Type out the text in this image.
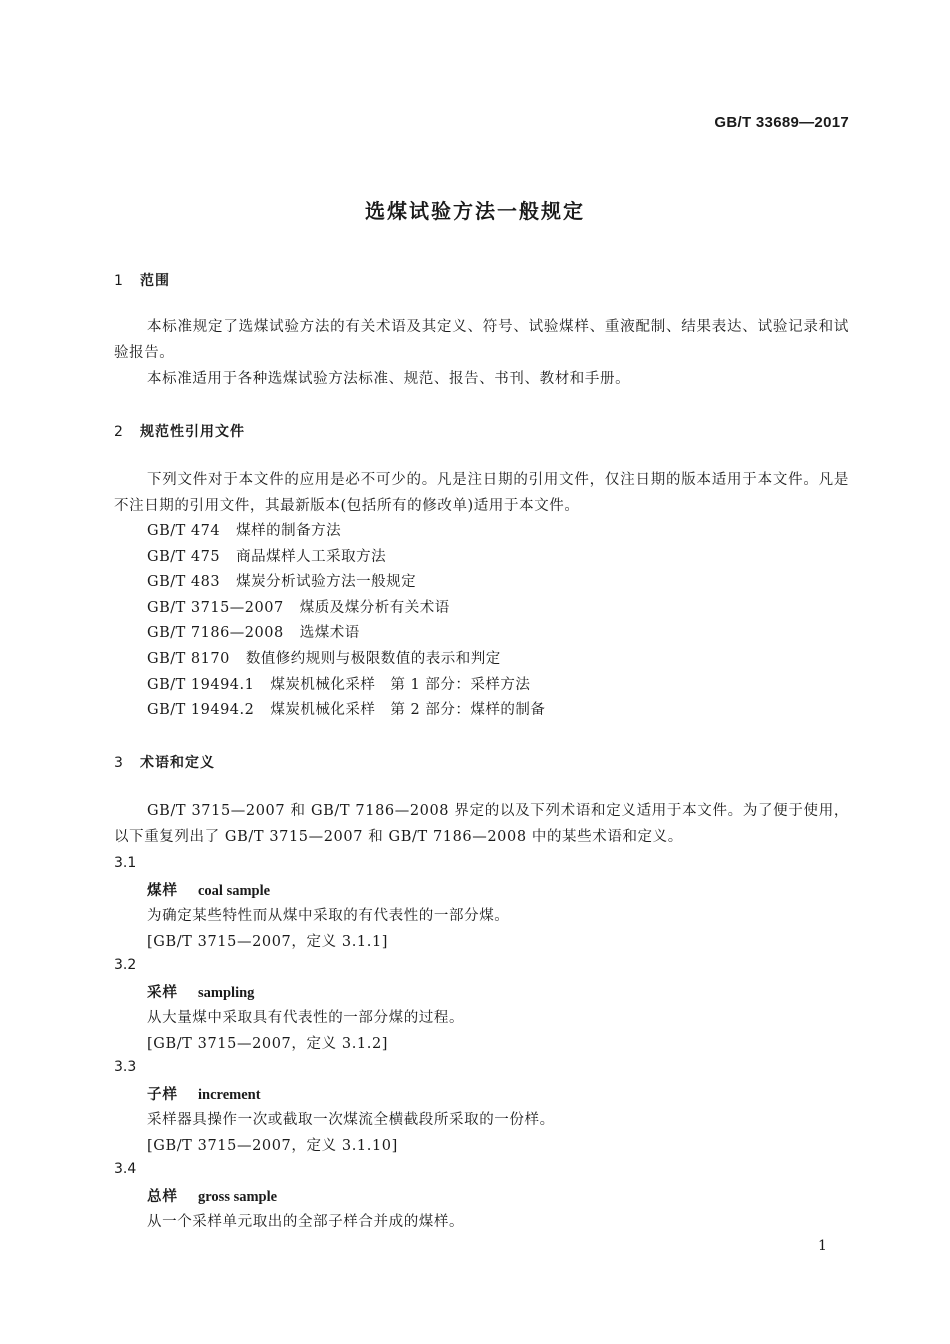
GB/T 33689—2017
选煤试验方法一般规定
1 范围
本标准规定了选煤试验方法的有关术语及其定义、符号、试验煤样、重液配制、结果表达、试验记录和试验报告。
本标准适用于各种选煤试验方法标准、规范、报告、书刊、教材和手册。
2 规范性引用文件
下列文件对于本文件的应用是必不可少的。凡是注日期的引用文件，仅注日期的版本适用于本文件。凡是不注日期的引用文件，其最新版本(包括所有的修改单)适用于本文件。
GB/T 474 煤样的制备方法
GB/T 475 商品煤样人工采取方法
GB/T 483 煤炭分析试验方法一般规定
GB/T 3715—2007 煤质及煤分析有关术语
GB/T 7186—2008 选煤术语
GB/T 8170 数值修约规则与极限数值的表示和判定
GB/T 19494.1 煤炭机械化采样　第 1 部分：采样方法
GB/T 19494.2 煤炭机械化采样　第 2 部分：煤样的制备
3 术语和定义
GB/T 3715—2007 和 GB/T 7186—2008 界定的以及下列术语和定义适用于本文件。为了便于使用，以下重复列出了 GB/T 3715—2007 和 GB/T 7186—2008 中的某些术语和定义。
3.1
煤样 coal sample
为确定某些特性而从煤中采取的有代表性的一部分煤。
[GB/T 3715—2007，定义 3.1.1]
3.2
采样 sampling
从大量煤中采取具有代表性的一部分煤的过程。
[GB/T 3715—2007，定义 3.1.2]
3.3
子样 increment
采样器具操作一次或截取一次煤流全横截段所采取的一份样。
[GB/T 3715—2007，定义 3.1.10]
3.4
总样 gross sample
从一个采样单元取出的全部子样合并成的煤样。
1
